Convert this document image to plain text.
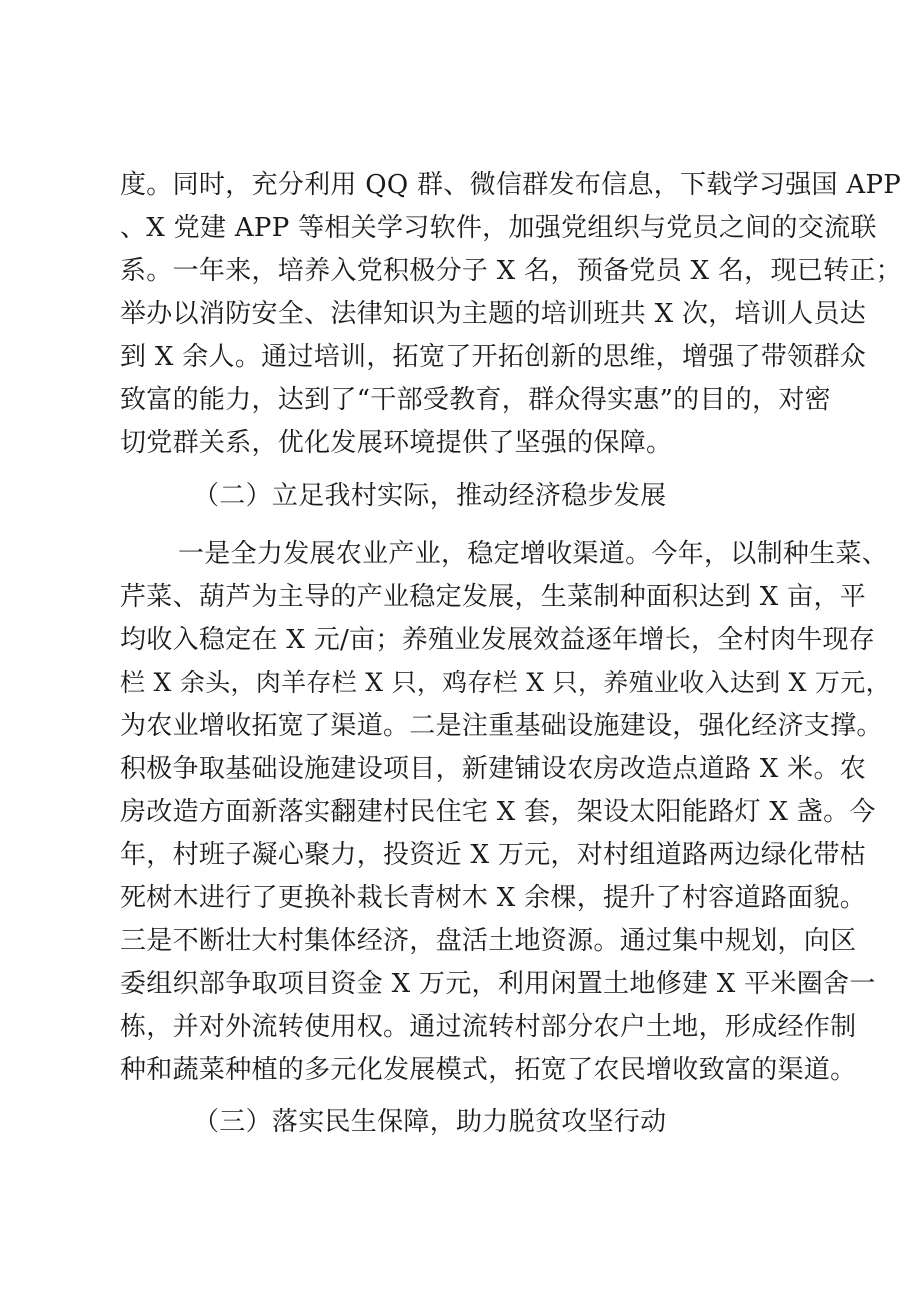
度。同时，充分利用 QQ 群、微信群发布信息，下载学习强国 APP
、X 党建 APP 等相关学习软件，加强党组织与党员之间的交流联
系。一年来，培养入党积极分子 X 名，预备党员 X 名，现已转正；
举办以消防安全、法律知识为主题的培训班共 X 次，培训人员达
到 X 余人。通过培训，拓宽了开拓创新的思维，增强了带领群众
致富的能力，达到了“干部受教育，群众得实惠”的目的，对密
切党群关系，优化发展环境提供了坚强的保障。
（二）立足我村实际，推动经济稳步发展
一是全力发展农业产业，稳定增收渠道。今年，以制种生菜、
芹菜、葫芦为主导的产业稳定发展，生菜制种面积达到 X 亩，平
均收入稳定在 X 元/亩；养殖业发展效益逐年增长，全村肉牛现存
栏 X 余头，肉羊存栏 X 只，鸡存栏 X 只，养殖业收入达到 X 万元，
为农业增收拓宽了渠道。二是注重基础设施建设，强化经济支撑。
积极争取基础设施建设项目，新建铺设农房改造点道路 X 米。农
房改造方面新落实翻建村民住宅 X 套，架设太阳能路灯 X 盏。今
年，村班子凝心聚力，投资近 X 万元，对村组道路两边绿化带枯
死树木进行了更换补栽长青树木 X 余棵，提升了村容道路面貌。
三是不断壮大村集体经济，盘活土地资源。通过集中规划，向区
委组织部争取项目资金 X 万元，利用闲置土地修建 X 平米圈舍一
栋，并对外流转使用权。通过流转村部分农户土地，形成经作制
种和蔬菜种植的多元化发展模式，拓宽了农民增收致富的渠道。
（三）落实民生保障，助力脱贫攻坚行动
